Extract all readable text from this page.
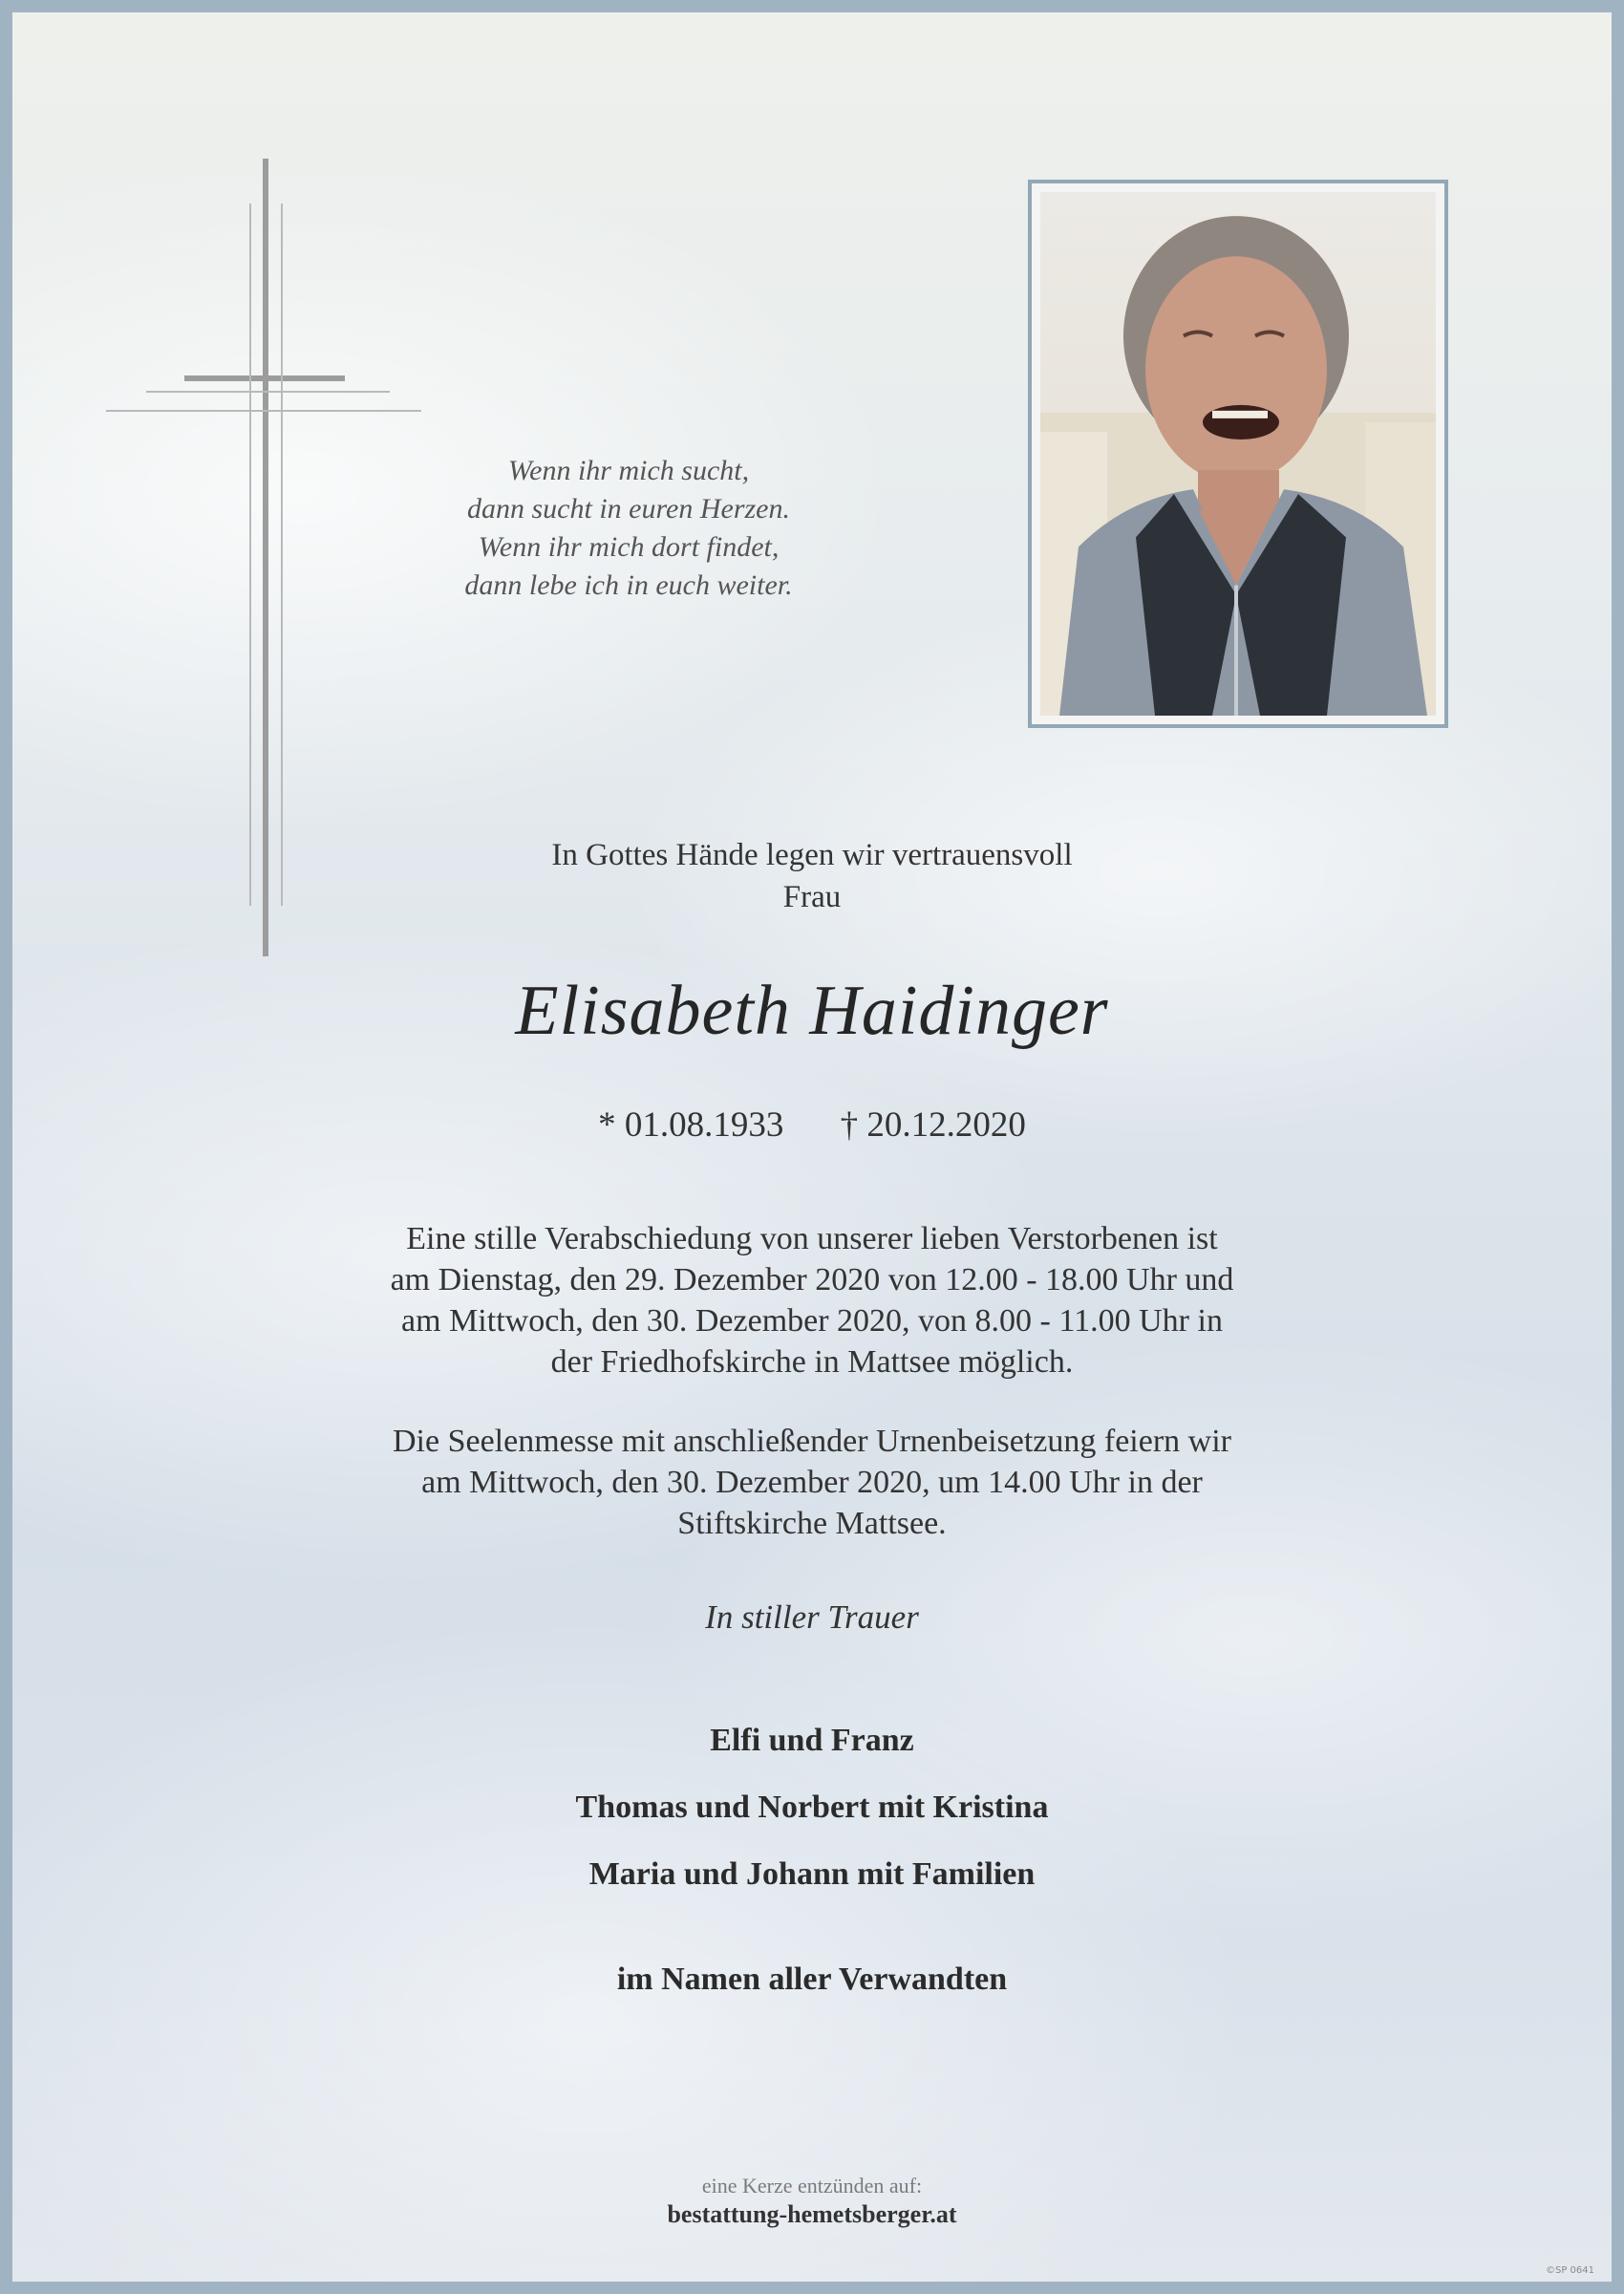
Wenn ihr mich sucht,
dann sucht in euren Herzen.
Wenn ihr mich dort findet,
dann lebe ich in euch weiter.
In Gottes Hände legen wir vertrauensvoll
Frau
Elisabeth Haidinger
* 01.08.1933 † 20.12.2020
Eine stille Verabschiedung von unserer lieben Verstorbenen ist
am Dienstag, den 29. Dezember 2020 von 12.00 - 18.00 Uhr und
am Mittwoch, den 30. Dezember 2020, von 8.00 - 11.00 Uhr in
der Friedhofskirche in Mattsee möglich.
Die Seelenmesse mit anschließender Urnenbeisetzung feiern wir
am Mittwoch, den 30. Dezember 2020, um 14.00 Uhr in der
Stiftskirche Mattsee.
In stiller Trauer
Elfi und Franz
Thomas und Norbert mit Kristina
Maria und Johann mit Familien
im Namen aller Verwandten
eine Kerze entzünden auf:
bestattung-hemetsberger.at
©SP 0641
